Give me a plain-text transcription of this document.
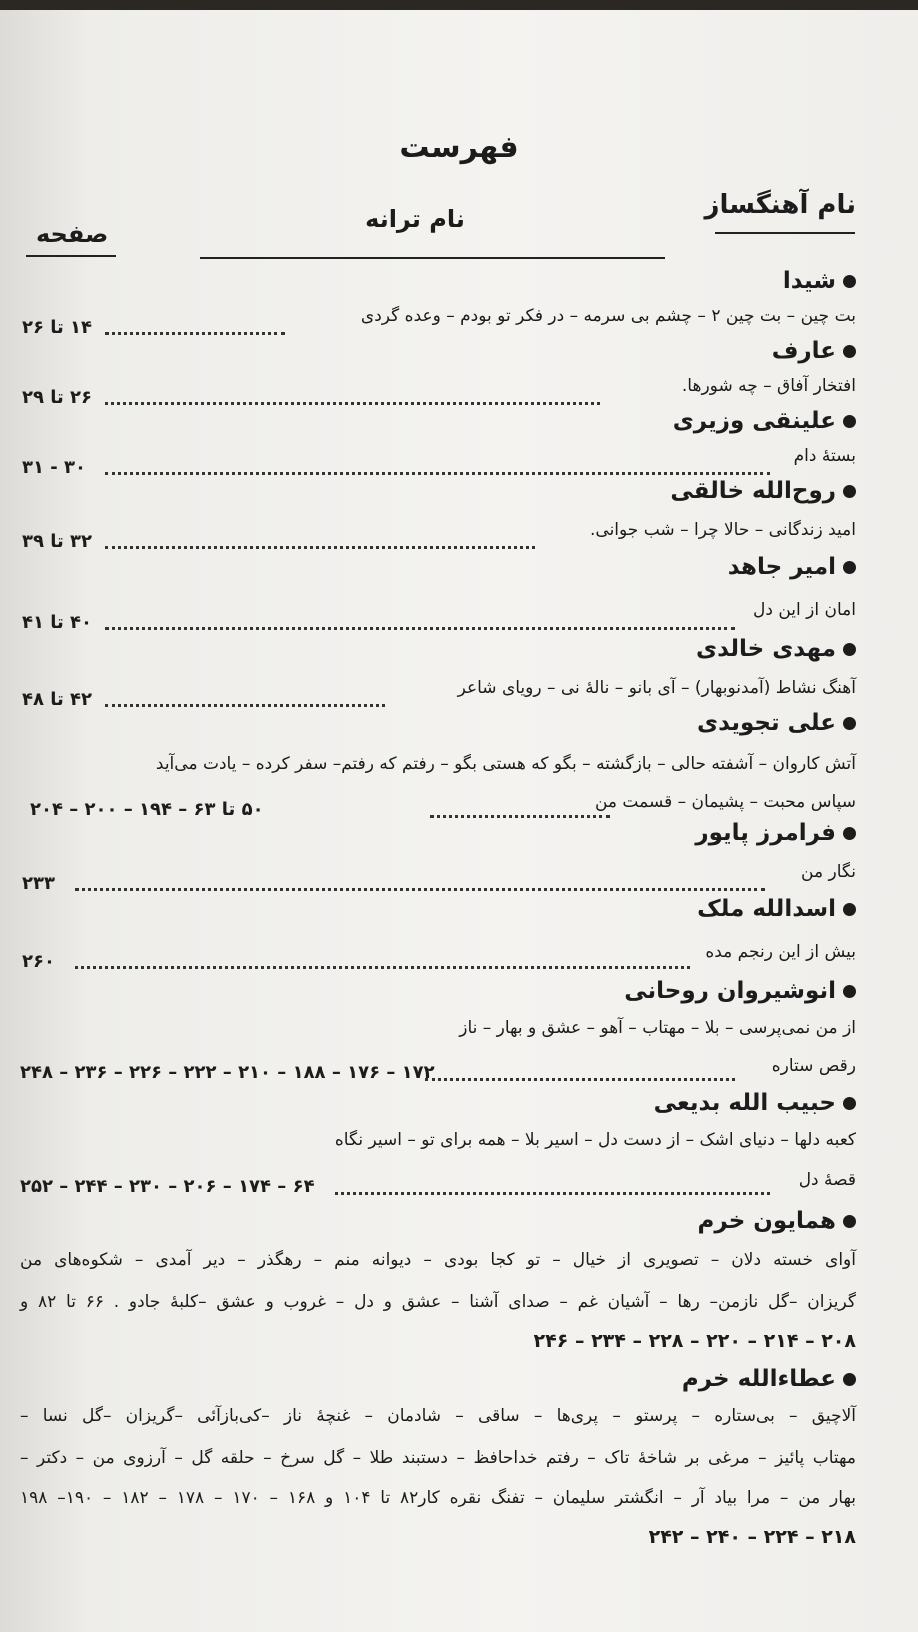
فهرست
نام آهنگساز
نام ترانه
صفحه
شیدا
بت چین – بت چین ۲ – چشم بی سرمه – در فکر تو بودم – وعده گردی
۱۴ تا ۲۶
عارف
افتخار آفاق – چه شورها.
۲۶ تا ۲۹
علینقی وزیری
بستهٔ دام
۳۰ - ۳۱
روح‌الله خالقی
امید زندگانی – حالا چرا – شب جوانی.
۳۲ تا ۳۹
امیر جاهد
امان از این دل
۴۰ تا ۴۱
مهدی خالدی
آهنگ نشاط (آمدنوبهار) – آی بانو – نالهٔ نی – رویای شاعر
۴۲ تا ۴۸
علی تجویدی
آتش کاروان – آشفته حالی – بازگشته – بگو که هستی بگو – رفتم که رفتم– سفر کرده – یادت می‌آید
سپاس محبت – پشیمان – قسمت من
۵۰ تا ۶۳ – ۱۹۴ – ۲۰۰ – ۲۰۴
فرامرز پایور
نگار من
۲۳۳
اسدالله ملک
بیش از این رنجم مده
۲۶۰
انوشیروان روحانی
از من نمی‌پرسی – بلا – مهتاب – آهو – عشق و بهار – ناز
رقص ستاره
۱۷۲ – ۱۷۶ – ۱۸۸ – ۲۱۰ – ۲۲۲ – ۲۲۶ – ۲۳۶ – ۲۴۸
حبیب الله بدیعی
کعبه دلها – دنیای اشک – از دست دل – اسیر بلا – همه برای تو – اسیر نگاه
قصهٔ دل
۶۴ – ۱۷۴ – ۲۰۶ – ۲۳۰ – ۲۴۴ – ۲۵۲
همایون خرم
آوای خسته دلان – تصویری از خیال – تو کجا بودی – دیوانه منم – رهگذر – دیر آمدی – شکوه‌های من
گریزان –گل نازمن– رها – آشیان غم – صدای آشنا – عشق و دل – غروب و عشق –کلبهٔ جادو . ۶۶ تا ۸۲ و
۲۰۸ – ۲۱۴ – ۲۲۰ – ۲۲۸ – ۲۳۴ – ۲۴۶
عطاءالله خرم
آلاچیق – بی‌ستاره – پرستو – پری‌ها – ساقی – شادمان – غنچهٔ ناز –کی‌بازآئی –گریزان –گل نسا –
مهتاب پائیز – مرغی بر شاخهٔ تاک – رفتم خداحافظ – دستبند طلا – گل سرخ – حلقه گل – آرزوی من – دکتر –
بهار من – مرا بیاد آر – انگشتر سلیمان – تفنگ نقره کار۸۲ تا ۱۰۴ و ۱۶۸ – ۱۷۰ – ۱۷۸ – ۱۸۲ – ۱۹۰– ۱۹۸
۲۱۸ – ۲۲۴ – ۲۴۰ – ۲۴۲
